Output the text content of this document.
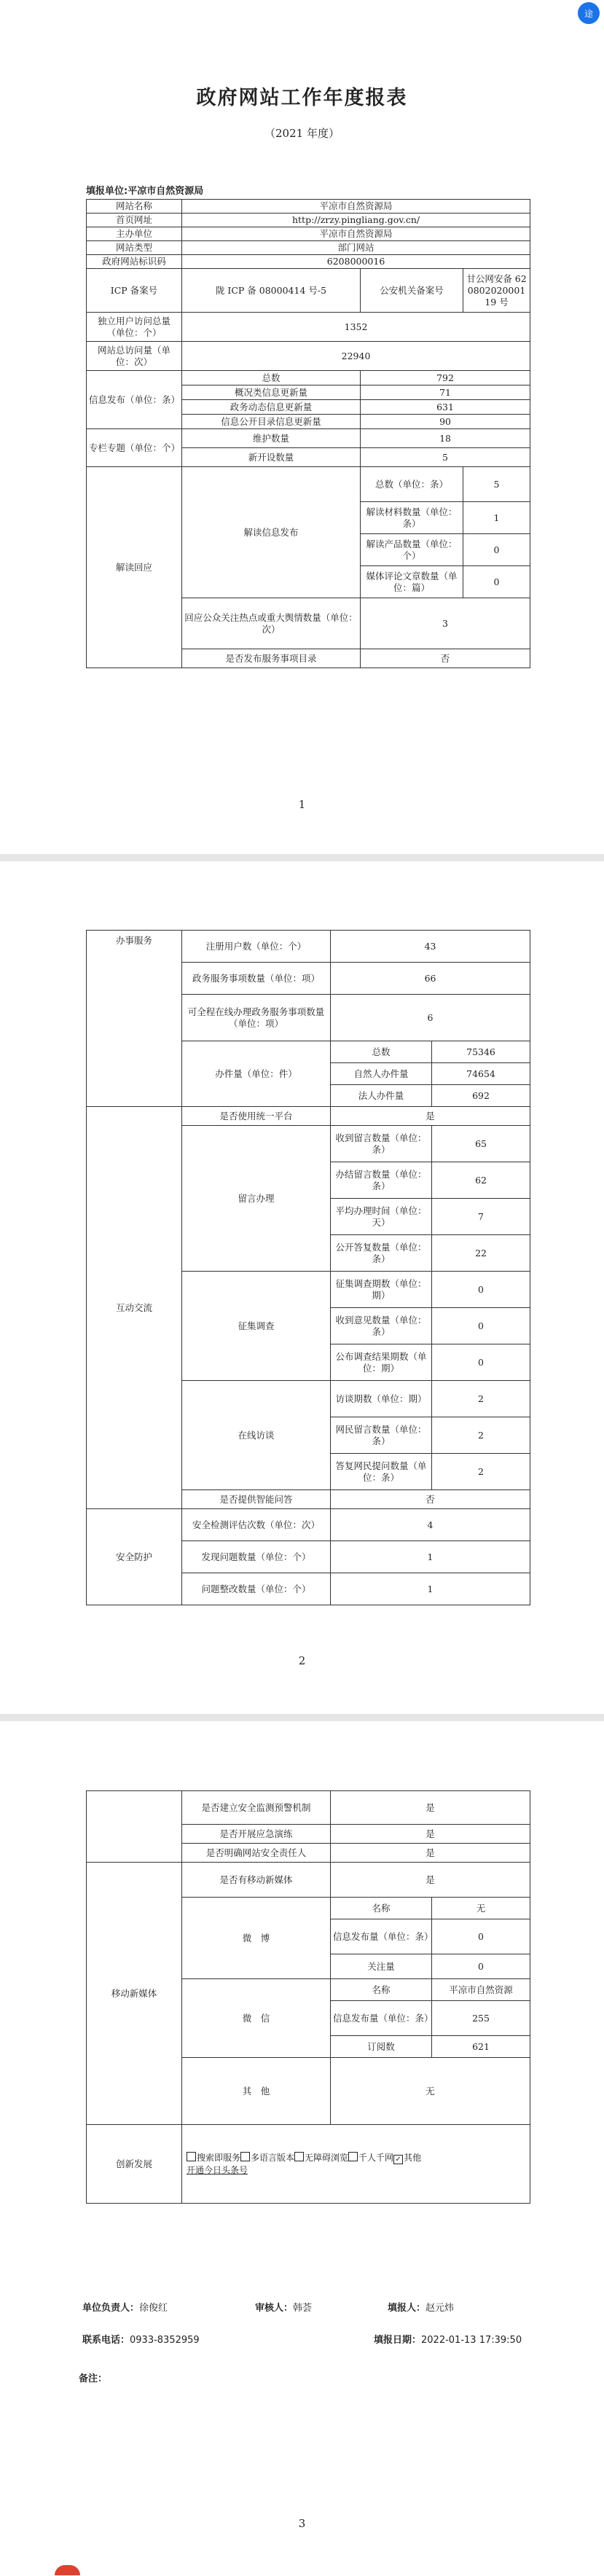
途
政府网站工作年度报表
（2021 年度）
填报单位:平凉市自然资源局
网站名称	平凉市自然资源局		
首页网址	http://zrzy.pingliang.gov.cn/		
主办单位	平凉市自然资源局		
网站类型	部门网站		
政府网站标识码	6208000016		
ICP 备案号	陇 ICP 备 08000414 号-5	公安机关备案号	甘公网安备 62080202000119 号
独立用户访问总量（单位：个）	1352		
网站总访问量（单位：次）	22940		
信息发布（单位：条）	总数	792	
	概况类信息更新量	71	
	政务动态信息更新量	631	
	信息公开目录信息更新量	90	
专栏专题（单位：个）	维护数量	18	
	新开设数量	5	
解读回应	解读信息发布	总数（单位：条）	5
		解读材料数量（单位：条）	1
		解读产品数量（单位：个）	0
		媒体评论文章数量（单位：篇）	0
	回应公众关注热点或重大舆情数量（单位：次）	3	
	是否发布服务事项目录	否	
1
办事服务	注册用户数（单位：个）	43	
	政务服务事项数量（单位：项）	66	
	可全程在线办理政务服务事项数量（单位：项）	6	
	办件量（单位：件）	总数	75346
		自然人办件量	74654
		法人办件量	692
互动交流	是否使用统一平台	是	
	留言办理	收到留言数量（单位：条）	65
		办结留言数量（单位：条）	62
		平均办理时间（单位：天）	7
		公开答复数量（单位：条）	22
	征集调查	征集调查期数（单位：期）	0
		收到意见数量（单位：条）	0
		公布调查结果期数（单位：期）	0
	在线访谈	访谈期数（单位：期）	2
		网民留言数量（单位：条）	2
		答复网民提问数量（单位：条）	2
	是否提供智能问答	否	
安全防护	安全检测评估次数（单位：次）	4	
	发现问题数量（单位：个）	1	
	问题整改数量（单位：个）	1	
2
	是否建立安全监测预警机制	是	
	是否开展应急演练	是	
	是否明确网站安全责任人	是	
移动新媒体	是否有移动新媒体	是	
	微　博	名称	无
		信息发布量（单位：条）	0
		关注量	0
	微　信	名称	平凉市自然资源
		信息发布量（单位：条）	255
		订阅数	621
	其　他	无	
创新发展	搜索即服务 多语言版本 无障碍浏览 千人千网 ✓ 其他
开通今日头条号		
单位负责人：徐俊红	审核人：韩荟	填报人：赵元炜
联系电话：0933-8352959	填报日期：2022-01-13 17:39:50
备注：
3
